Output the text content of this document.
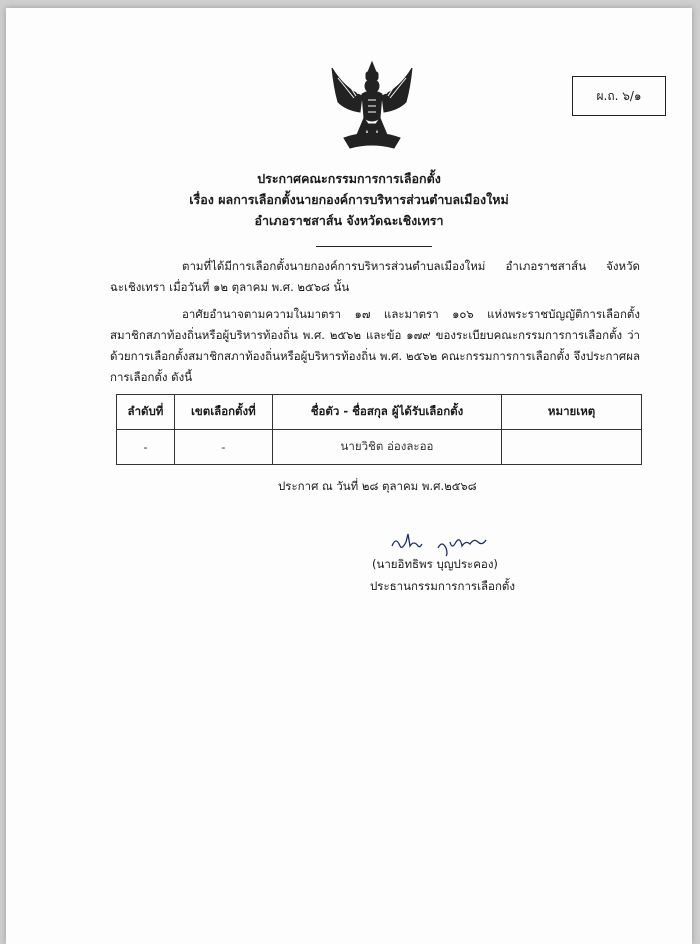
ผ.ถ. ๖/๑
ประกาศคณะกรรมการการเลือกตั้ง
เรื่อง ผลการเลือกตั้งนายกองค์การบริหารส่วนตำบลเมืองใหม่
อำเภอราชสาส์น จังหวัดฉะเชิงเทรา
ตามที่ได้มีการเลือกตั้งนายกองค์การบริหารส่วนตำบลเมืองใหม่ อำเภอราชสาส์น จังหวัด ฉะเชิงเทรา เมื่อวันที่ ๑๒ ตุลาคม พ.ศ. ๒๕๖๘ นั้น
อาศัยอำนาจตามความในมาตรา ๑๗ และมาตรา ๑๐๖ แห่งพระราชบัญญัติการเลือกตั้ง สมาชิกสภาท้องถิ่นหรือผู้บริหารท้องถิ่น พ.ศ. ๒๕๖๒ และข้อ ๑๗๙ ของระเบียบคณะกรรมการการเลือกตั้ง ว่าด้วยการเลือกตั้งสมาชิกสภาท้องถิ่นหรือผู้บริหารท้องถิ่น พ.ศ. ๒๕๖๒ คณะกรรมการการเลือกตั้ง จึงประกาศผลการเลือกตั้ง ดังนี้
ลำดับที่	เขตเลือกตั้งที่	ชื่อตัว - ชื่อสกุล ผู้ได้รับเลือกตั้ง	หมายเหตุ
-	-	นายวิชิต อ่องละออ	
ประกาศ ณ วันที่ ๒๘ ตุลาคม พ.ศ.๒๕๖๘
(นายอิทธิพร บุญประคอง)
ประธานกรรมการการเลือกตั้ง
